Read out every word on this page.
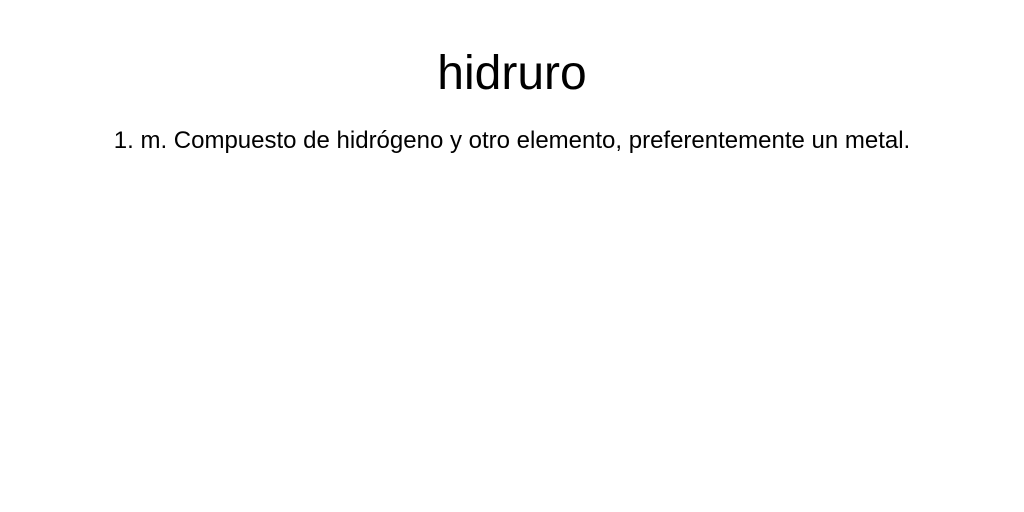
hidruro

1. m. Compuesto de hidrógeno y otro elemento, preferentemente un metal.
